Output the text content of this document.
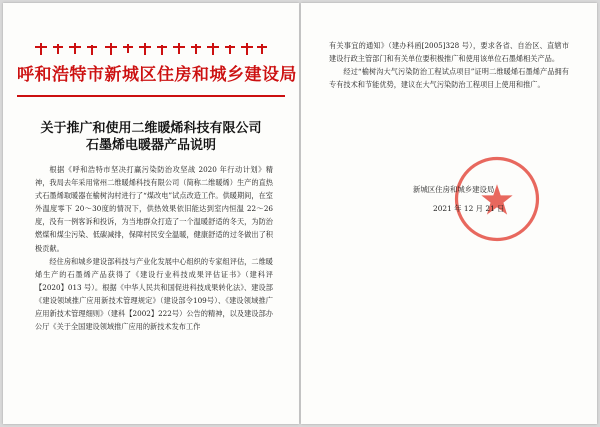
呼和浩特市新城区住房和城乡建设局
关于推广和使用二维暖烯科技有限公司
石墨烯电暖器产品说明

根据《呼和浩特市坚决打赢污染防治攻坚战 2020 年行动计划》精神，我局去年采用常州二维暖烯科技有限公司（简称二维暖烯）生产的直热式石墨烯取暖器在榆树沟村进行了“煤改电”试点改造工作。供暖期间，在室外温度零下 20～30度的情况下，供热效果依旧能达到室内恒温 22～26 度，没有一例客诉和投诉，为当地群众打造了一个温暖舒适的冬天，为防治燃煤和煤尘污染、低碳减排，保障村民安全温暖，健康舒适的过冬做出了积极贡献。

经住房和城乡建设部科技与产业化发展中心组织的专家组评估，二维暖烯生产的石墨烯产品获得了《建设行业科技成果评估证书》（建科评【2020】013 号）。根据《中华人民共和国促进科技成果转化法》、建设部《建设领域推广应用新技术管理规定》（建设部令109号）、《建设领域推广应用新技术管理细则》（建科【2002】222号）公告的精神，以及建设部办公厅《关于全国建设领域推广应用的新技术发布工作

有关事宜的通知》（建办科函[2005]328 号），要求各省、自治区、直辖市建设行政主管部门和有关单位要积极推广和使用该单位石墨烯相关产品。

经过“榆树沟大气污染防治工程试点项目”证明二维暖烯石墨烯产品拥有专有技术和节能优势，建议在大气污染防治工程项目上使用和推广。

新城区住房和城乡建设局
2021 年 12 月 21 日
